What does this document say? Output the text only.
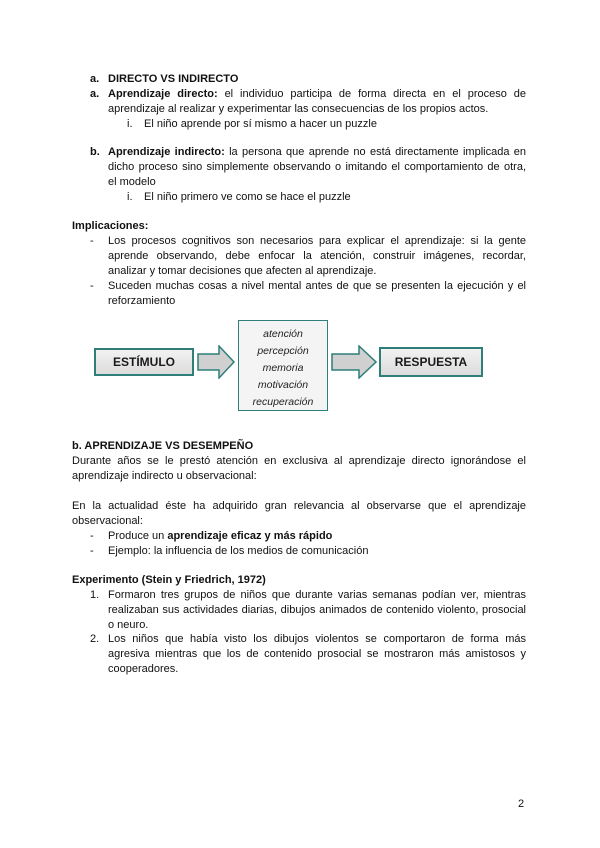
a. DIRECTO VS INDIRECTO
a. Aprendizaje directo: el individuo participa de forma directa en el proceso de
aprendizaje al realizar y experimentar las consecuencias de los propios actos.
i. El niño aprende por sí mismo a hacer un puzzle
b. Aprendizaje indirecto: la persona que aprende no está directamente implicada en
dicho proceso sino simplemente observando o imitando el comportamiento de otra,
el modelo
i. El niño primero ve como se hace el puzzle
Implicaciones:
- Los procesos cognitivos son necesarios para explicar el aprendizaje: si la gente
aprende observando, debe enfocar la atención, construir imágenes, recordar,
analizar y tomar decisiones que afecten al aprendizaje.
- Suceden muchas cosas a nivel mental antes de que se presenten la ejecución y el
reforzamiento
ESTÍMULO
atención
percepción
memoria
motivación
recuperación
RESPUESTA
b. APRENDIZAJE VS DESEMPEÑO
Durante años se le prestó atención en exclusiva al aprendizaje directo ignorándose el
aprendizaje indirecto u observacional:
En la actualidad éste ha adquirido gran relevancia al observarse que el aprendizaje
observacional:
- Produce un aprendizaje eficaz y más rápido
- Ejemplo: la influencia de los medios de comunicación
Experimento (Stein y Friedrich, 1972)
1. Formaron tres grupos de niños que durante varias semanas podían ver, mientras
realizaban sus actividades diarias, dibujos animados de contenido violento, prosocial
o neuro.
2. Los niños que había visto los dibujos violentos se comportaron de forma más
agresiva mientras que los de contenido prosocial se mostraron más amistosos y
cooperadores.
2
